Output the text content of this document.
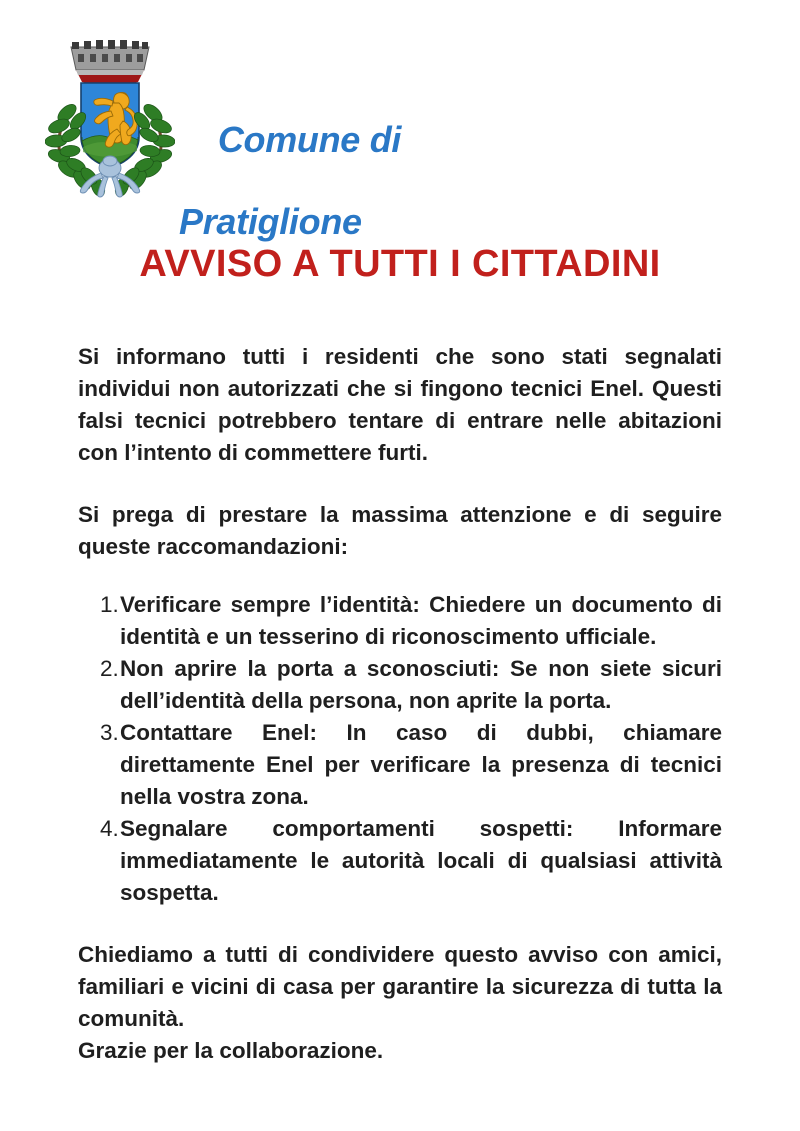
Comune di

Pratiglione

AVVISO A TUTTI I CITTADINI

Si informano tutti i residenti che sono stati segnalati individui non autorizzati che si fingono tecnici Enel. Questi falsi tecnici potrebbero tentare di entrare nelle abitazioni con l’intento di commettere furti.

Si prega di prestare la massima attenzione e di seguire queste raccomandazioni:

Verificare sempre l’identità: Chiedere un documento di identità e un tesserino di riconoscimento ufficiale.
Non aprire la porta a sconosciuti: Se non siete sicuri dell’identità della persona, non aprite la porta.
Contattare Enel: In caso di dubbi, chiamare direttamente Enel per verificare la presenza di tecnici nella vostra zona.
Segnalare comportamenti sospetti: Informare immediatamente le autorità locali di qualsiasi attività sospetta.

Chiediamo a tutti di condividere questo avviso con amici, familiari e vicini di casa per garantire la sicurezza di tutta la comunità.

Grazie per la collaborazione.
